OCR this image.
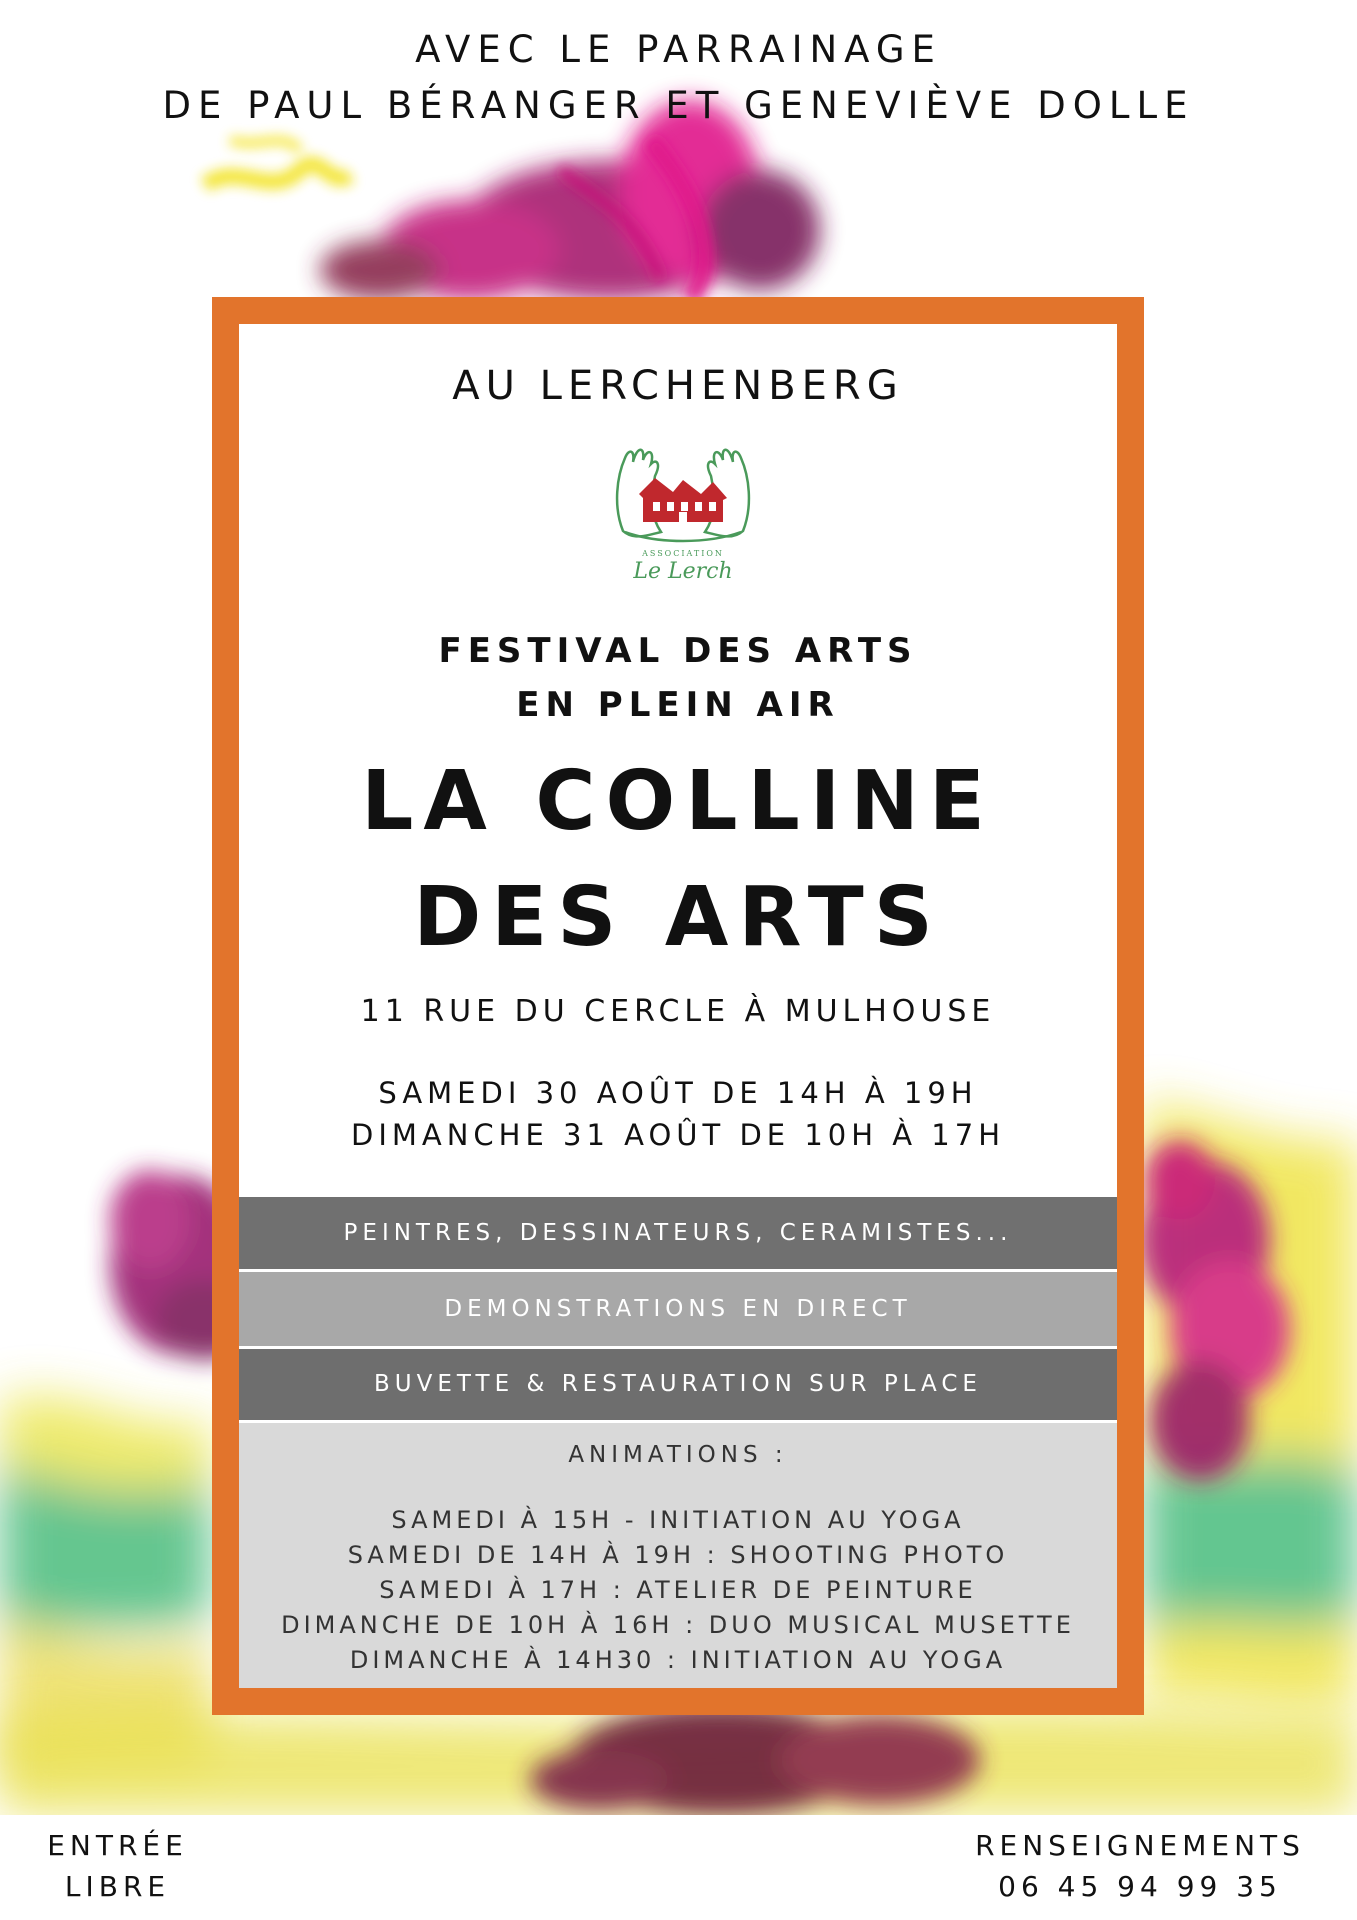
AVEC LE PARRAINAGE
DE PAUL BÉRANGER ET GENEVIÈVE DOLLE
AU LERCHENBERG
ASSOCIATION
Le Lerch
FESTIVAL DES ARTS
EN PLEIN AIR
LA COLLINE
DES ARTS
11 RUE DU CERCLE À MULHOUSE
SAMEDI 30 AOÛT DE 14H À 19H
DIMANCHE 31 AOÛT DE 10H À 17H
PEINTRES, DESSINATEURS, CERAMISTES...
DEMONSTRATIONS EN DIRECT
BUVETTE & RESTAURATION SUR PLACE
ANIMATIONS :
SAMEDI À 15H - INITIATION AU YOGA
SAMEDI DE 14H À 19H : SHOOTING PHOTO
SAMEDI À 17H : ATELIER DE PEINTURE
DIMANCHE DE 10H À 16H : DUO MUSICAL MUSETTE
DIMANCHE À 14H30 : INITIATION AU YOGA
ENTRÉE
LIBRE
RENSEIGNEMENTS
06 45 94 99 35
